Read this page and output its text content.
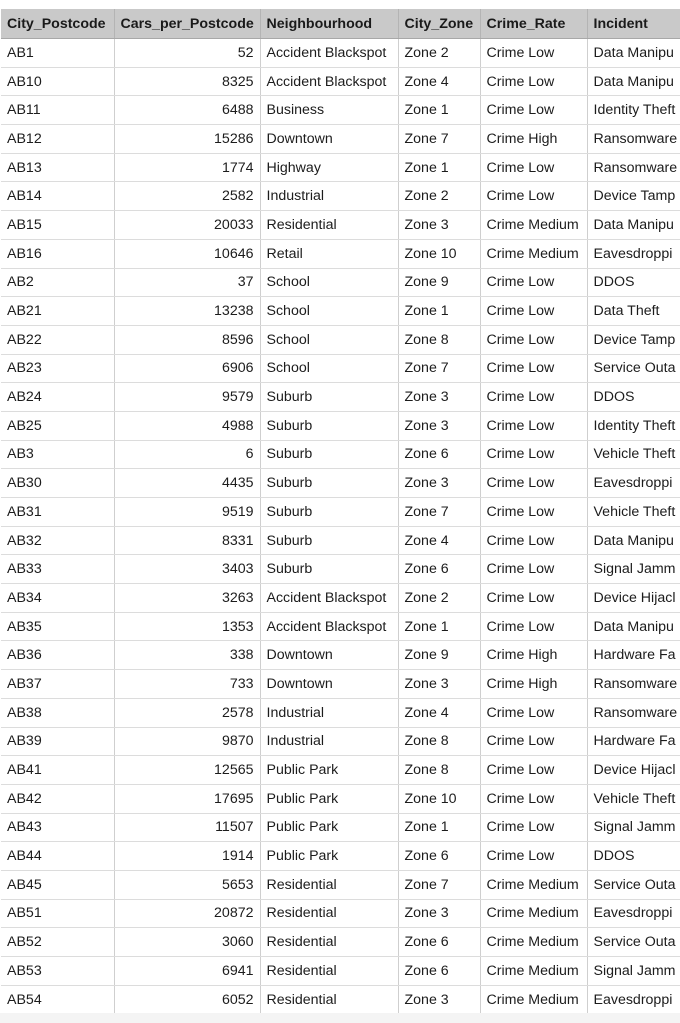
City_Postcode	Cars_per_Postcode	Neighbourhood	City_Zone	Crime_Rate	Incident
AB1	52	Accident Blackspot	Zone 2	Crime Low	Data Manipu
AB10	8325	Accident Blackspot	Zone 4	Crime Low	Data Manipu
AB11	6488	Business	Zone 1	Crime Low	Identity Theft
AB12	15286	Downtown	Zone 7	Crime High	Ransomware
AB13	1774	Highway	Zone 1	Crime Low	Ransomware
AB14	2582	Industrial	Zone 2	Crime Low	Device Tamp
AB15	20033	Residential	Zone 3	Crime Medium	Data Manipu
AB16	10646	Retail	Zone 10	Crime Medium	Eavesdroppi
AB2	37	School	Zone 9	Crime Low	DDOS
AB21	13238	School	Zone 1	Crime Low	Data Theft
AB22	8596	School	Zone 8	Crime Low	Device Tamp
AB23	6906	School	Zone 7	Crime Low	Service Outa
AB24	9579	Suburb	Zone 3	Crime Low	DDOS
AB25	4988	Suburb	Zone 3	Crime Low	Identity Theft
AB3	6	Suburb	Zone 6	Crime Low	Vehicle Theft
AB30	4435	Suburb	Zone 3	Crime Low	Eavesdroppi
AB31	9519	Suburb	Zone 7	Crime Low	Vehicle Theft
AB32	8331	Suburb	Zone 4	Crime Low	Data Manipu
AB33	3403	Suburb	Zone 6	Crime Low	Signal Jamm
AB34	3263	Accident Blackspot	Zone 2	Crime Low	Device Hijacl
AB35	1353	Accident Blackspot	Zone 1	Crime Low	Data Manipu
AB36	338	Downtown	Zone 9	Crime High	Hardware Fa
AB37	733	Downtown	Zone 3	Crime High	Ransomware
AB38	2578	Industrial	Zone 4	Crime Low	Ransomware
AB39	9870	Industrial	Zone 8	Crime Low	Hardware Fa
AB41	12565	Public Park	Zone 8	Crime Low	Device Hijacl
AB42	17695	Public Park	Zone 10	Crime Low	Vehicle Theft
AB43	11507	Public Park	Zone 1	Crime Low	Signal Jamm
AB44	1914	Public Park	Zone 6	Crime Low	DDOS
AB45	5653	Residential	Zone 7	Crime Medium	Service Outa
AB51	20872	Residential	Zone 3	Crime Medium	Eavesdroppi
AB52	3060	Residential	Zone 6	Crime Medium	Service Outa
AB53	6941	Residential	Zone 6	Crime Medium	Signal Jamm
AB54	6052	Residential	Zone 3	Crime Medium	Eavesdroppi
